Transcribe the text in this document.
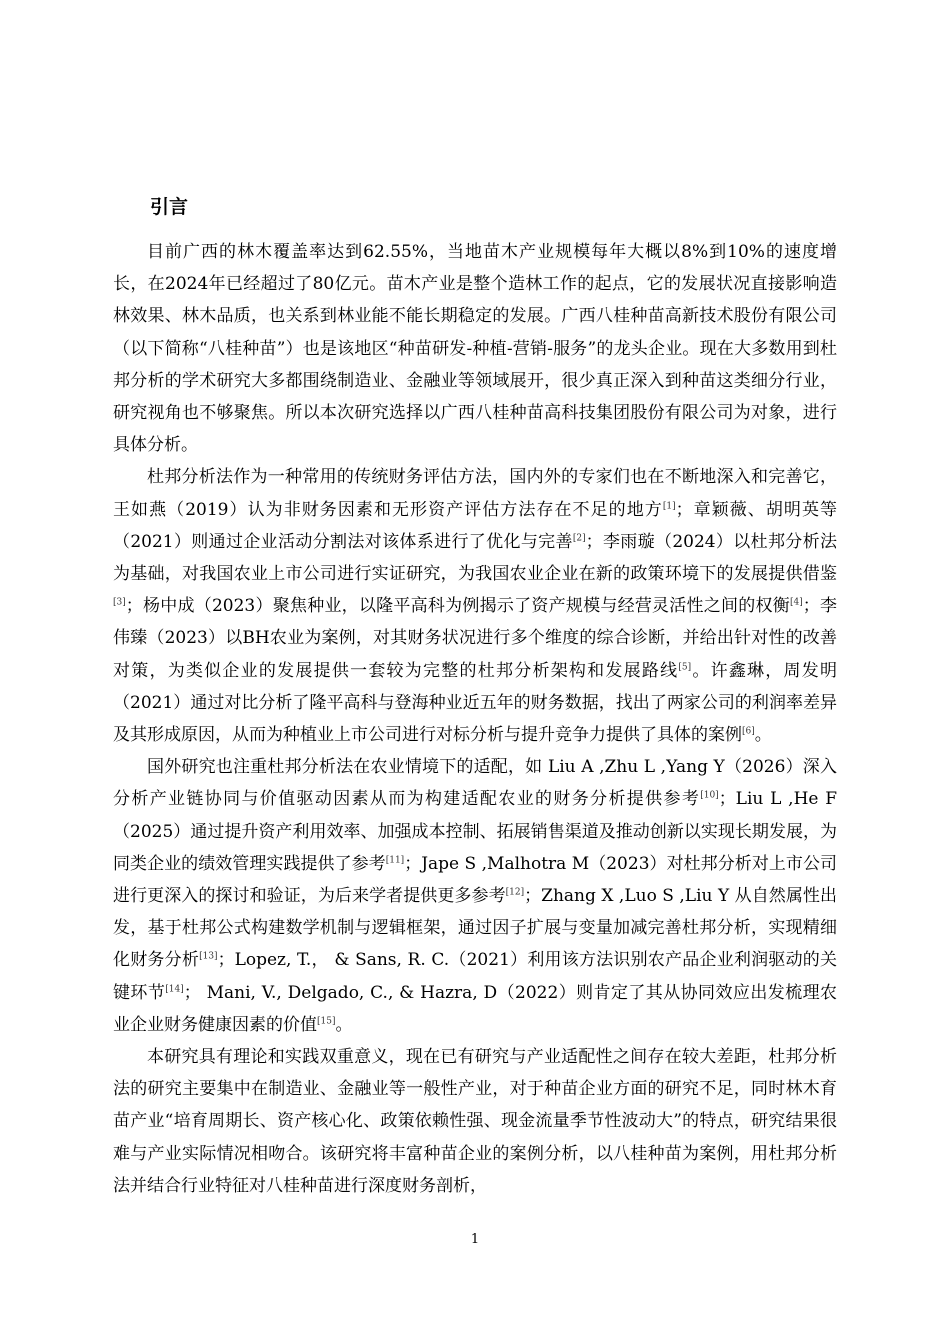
引言

目前广西的林木覆盖率达到62.55%，当地苗木产业规模每年大概以8%到10%的速度增长，在2024年已经超过了80亿元。苗木产业是整个造林工作的起点，它的发展状况直接影响造林效果、林木品质，也关系到林业能不能长期稳定的发展。广西八桂种苗高新技术股份有限公司（以下简称“八桂种苗”）也是该地区“种苗研发-种植-营销-服务”的龙头企业。现在大多数用到杜邦分析的学术研究大多都围绕制造业、金融业等领域展开，很少真正深入到种苗这类细分行业，研究视角也不够聚焦。所以本次研究选择以广西八桂种苗高科技集团股份有限公司为对象，进行具体分析。

杜邦分析法作为一种常用的传统财务评估方法，国内外的专家们也在不断地深入和完善它，王如燕（2019）认为非财务因素和无形资产评估方法存在不足的地方[1]；章颖薇、胡明英等（2021）则通过企业活动分割法对该体系进行了优化与完善[2]；李雨璇（2024）以杜邦分析法为基础，对我国农业上市公司进行实证研究，为我国农业企业在新的政策环境下的发展提供借鉴[3]；杨中成（2023）聚焦种业，以隆平高科为例揭示了资产规模与经营灵活性之间的权衡[4]；李伟臻（2023）以BH农业为案例，对其财务状况进行多个维度的综合诊断，并给出针对性的改善对策，为类似企业的发展提供一套较为完整的杜邦分析架构和发展路线[5]。许鑫琳，周发明（2021）通过对比分析了隆平高科与登海种业近五年的财务数据，找出了两家公司的利润率差异及其形成原因，从而为种植业上市公司进行对标分析与提升竞争力提供了具体的案例[6]。

国外研究也注重杜邦分析法在农业情境下的适配，如 Liu A ,Zhu L ,Yang Y（2026）深入分析产业链协同与价值驱动因素从而为构建适配农业的财务分析提供参考[10]；Liu L ,He F（2025）通过提升资产利用效率、加强成本控制、拓展销售渠道及推动创新以实现长期发展，为同类企业的绩效管理实践提供了参考[11]；Jape S ,Malhotra M（2023）对杜邦分析对上市公司进行更深入的探讨和验证，为后来学者提供更多参考[12]；Zhang X ,Luo S ,Liu Y 从自然属性出发，基于杜邦公式构建数学机制与逻辑框架，通过因子扩展与变量加减完善杜邦分析，实现精细化财务分析[13]；Lopez, T.， & Sans, R. C.（2021）利用该方法识别农产品企业利润驱动的关键环节[14]； Mani, V., Delgado, C., & Hazra, D（2022）则肯定了其从协同效应出发梳理农业企业财务健康因素的价值[15]。

本研究具有理论和实践双重意义，现在已有研究与产业适配性之间存在较大差距，杜邦分析法的研究主要集中在制造业、金融业等一般性产业，对于种苗企业方面的研究不足，同时林木育苗产业“培育周期长、资产核心化、政策依赖性强、现金流量季节性波动大”的特点，研究结果很难与产业实际情况相吻合。该研究将丰富种苗企业的案例分析，以八桂种苗为案例，用杜邦分析法并结合行业特征对八桂种苗进行深度财务剖析，

1
